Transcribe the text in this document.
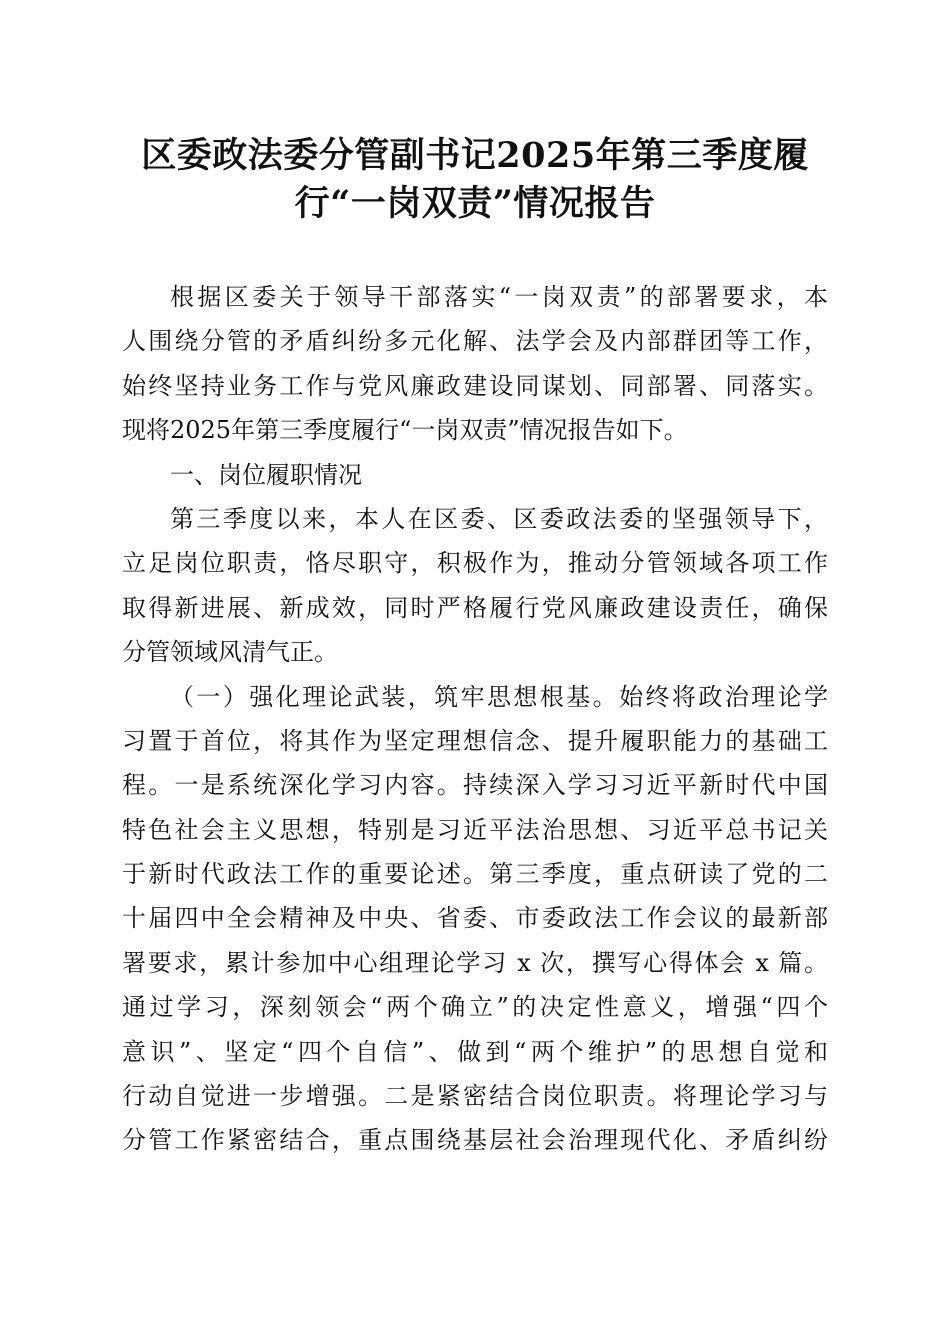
区委政法委分管副书记2025年第三季度履
行“一岗双责”情况报告
根据区委关于领导干部落实“一岗双责”的部署要求，本
人围绕分管的矛盾纠纷多元化解、法学会及内部群团等工作，
始终坚持业务工作与党风廉政建设同谋划、同部署、同落实。
现将2025年第三季度履行“一岗双责”情况报告如下。
一、岗位履职情况
第三季度以来，本人在区委、区委政法委的坚强领导下，
立足岗位职责，恪尽职守，积极作为，推动分管领域各项工作
取得新进展、新成效，同时严格履行党风廉政建设责任，确保
分管领域风清气正。
（一）强化理论武装，筑牢思想根基。始终将政治理论学
习置于首位，将其作为坚定理想信念、提升履职能力的基础工
程。一是系统深化学习内容。持续深入学习习近平新时代中国
特色社会主义思想，特别是习近平法治思想、习近平总书记关
于新时代政法工作的重要论述。第三季度，重点研读了党的二
十届四中全会精神及中央、省委、市委政法工作会议的最新部
署要求，累计参加中心组理论学习 x 次，撰写心得体会 x 篇。
通过学习，深刻领会“两个确立”的决定性意义，增强“四个
意识”、坚定“四个自信”、做到“两个维护”的思想自觉和
行动自觉进一步增强。二是紧密结合岗位职责。将理论学习与
分管工作紧密结合，重点围绕基层社会治理现代化、矛盾纠纷
